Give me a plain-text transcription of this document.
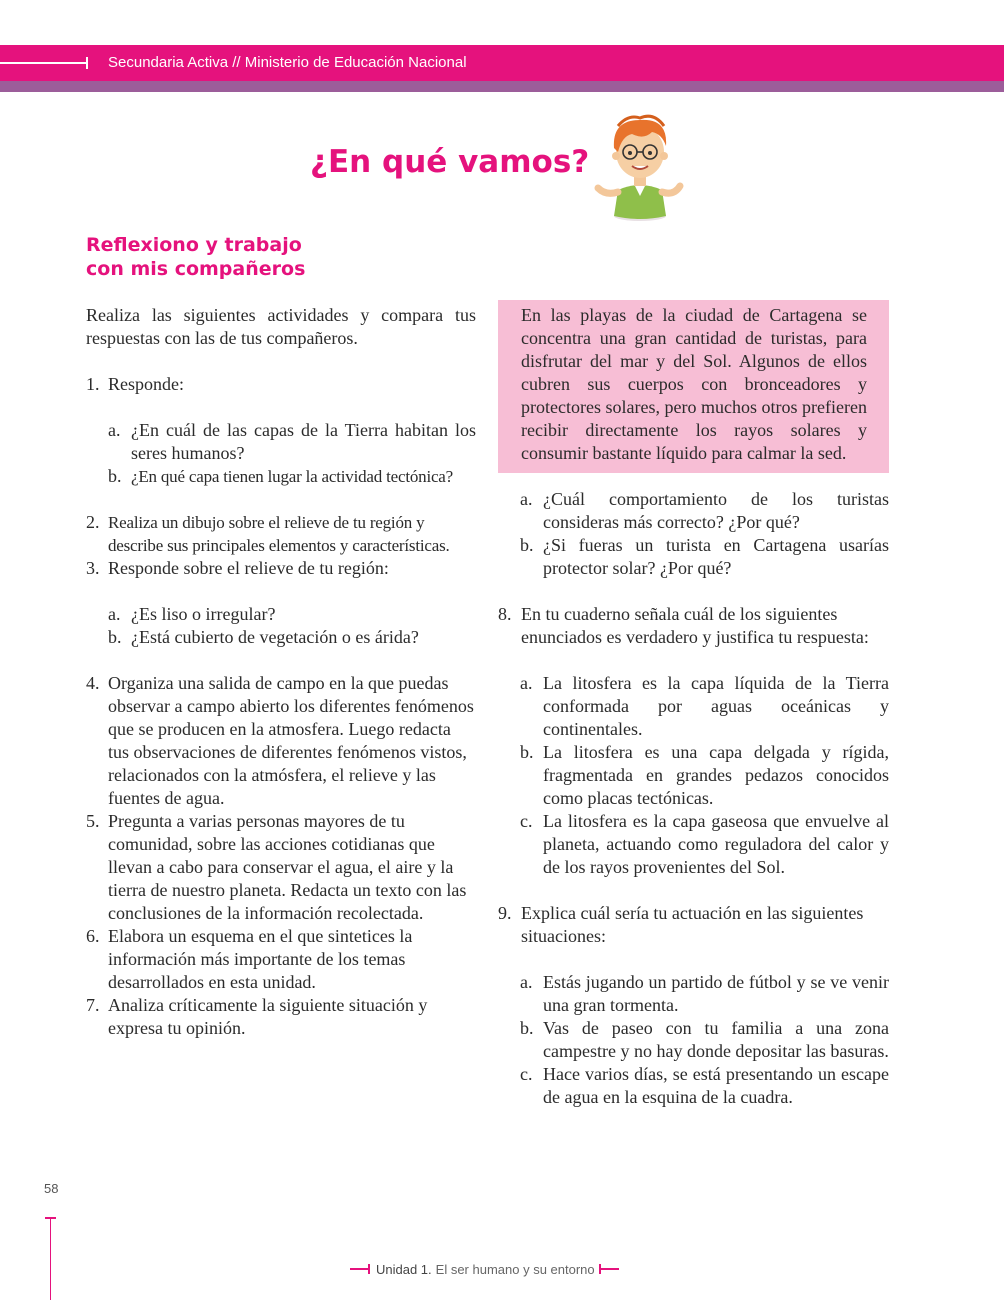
Secundaria Activa // Ministerio de Educación Nacional
¿En qué vamos?
Reflexiono y trabajo
con mis compañeros
Realiza las siguientes actividades y compara tus respuestas con las de tus compañeros.
1. Responde:
a. ¿En cuál de las capas de la Tierra habitan los seres humanos?
b. ¿En qué capa tienen lugar la actividad tectónica?
2. Realiza un dibujo sobre el relieve de tu región y describe sus principales elementos y características.
3. Responde sobre el relieve de tu región:
a. ¿Es liso o irregular?
b. ¿Está cubierto de vegetación o es árida?
4. Organiza una salida de campo en la que puedas observar a campo abierto los diferentes fenómenos que se producen en la atmosfera. Luego redacta tus observaciones de diferentes fenómenos vistos, relacionados con la atmósfera, el relieve y las fuentes de agua.
5. Pregunta a varias personas mayores de tu comunidad, sobre las acciones cotidianas que llevan a cabo para conservar el agua, el aire y la tierra de nuestro planeta. Redacta un texto con las conclusiones de la información recolectada.
6. Elabora un esquema en el que sintetices la información más importante de los temas desarrollados en esta unidad.
7. Analiza críticamente la siguiente situación y expresa tu opinión.
En las playas de la ciudad de Cartagena se concentra una gran cantidad de turistas, para disfrutar del mar y del Sol. Algunos de ellos cubren sus cuerpos con bronceadores y protectores solares, pero muchos otros prefieren recibir directamente los rayos solares y consumir bastante líquido para calmar la sed.
a. ¿Cuál comportamiento de los turistas consideras más correcto? ¿Por qué?
b. ¿Si fueras un turista en Cartagena usarías protector solar? ¿Por qué?
8. En tu cuaderno señala cuál de los siguientes enunciados es verdadero y justifica tu respuesta:
a. La litosfera es la capa líquida de la Tierra conformada por aguas oceánicas y continentales.
b. La litosfera es una capa delgada y rígida, fragmentada en grandes pedazos conocidos como placas tectónicas.
c. La litosfera es la capa gaseosa que envuelve al planeta, actuando como reguladora del calor y de los rayos provenientes del Sol.
9. Explica cuál sería tu actuación en las siguientes situaciones:
a. Estás jugando un partido de fútbol y se ve venir una gran tormenta.
b. Vas de paseo con tu familia a una zona campestre y no hay donde depositar las basuras.
c. Hace varios días, se está presentando un escape de agua en la esquina de la cuadra.
58
Unidad 1. El ser humano y su entorno
